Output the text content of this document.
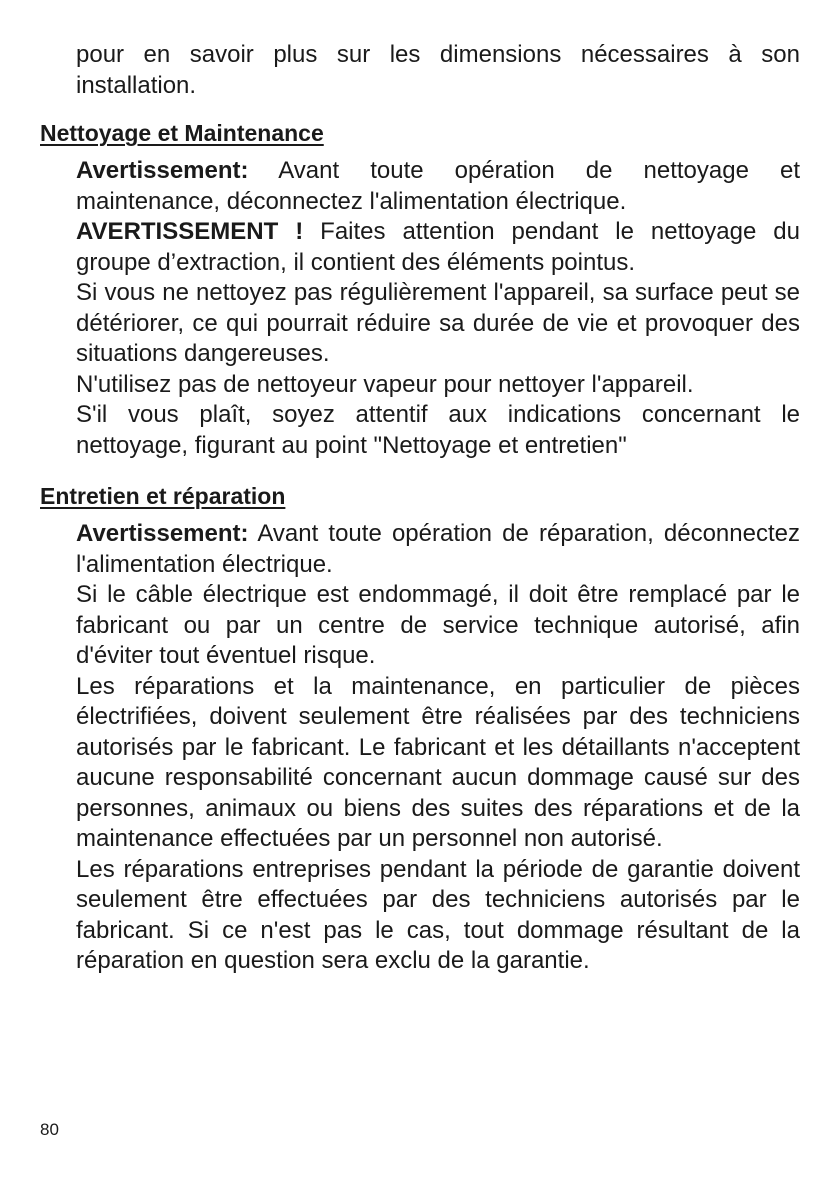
pour en savoir plus sur les dimensions nécessaires à son installation.

Nettoyage et Maintenance

Avertissement: Avant toute opération de nettoyage et maintenance, déconnectez l'alimentation électrique.

AVERTISSEMENT ! Faites attention pendant le nettoyage du groupe d’extraction, il contient des éléments pointus.

Si vous ne nettoyez pas régulièrement l'appareil, sa surface peut se détériorer, ce qui pourrait réduire sa durée de vie et provoquer des situations dangereuses.

N'utilisez pas de nettoyeur vapeur pour nettoyer l'appareil.

S'il vous plaît, soyez attentif aux indications concernant le nettoyage, figurant au point "Nettoyage et entretien"

Entretien et réparation

Avertissement: Avant toute opération de réparation, déconnectez l'alimentation électrique.

Si le câble électrique est endommagé, il doit être remplacé par le fabricant ou par un centre de service technique autorisé, afin d'éviter tout éventuel risque.

Les réparations et la maintenance, en particulier de pièces électrifiées, doivent seulement être réalisées par des techniciens autorisés par le fabricant. Le fabricant et les détaillants n'acceptent aucune responsabilité concernant aucun dommage causé sur des personnes, animaux ou biens des suites des réparations et de la maintenance effectuées par un personnel non autorisé.

Les réparations entreprises pendant la période de garantie doivent seulement être effectuées par des techniciens autorisés par le fabricant. Si ce n'est pas le cas, tout dommage résultant de la réparation en question sera exclu de la garantie.

80
